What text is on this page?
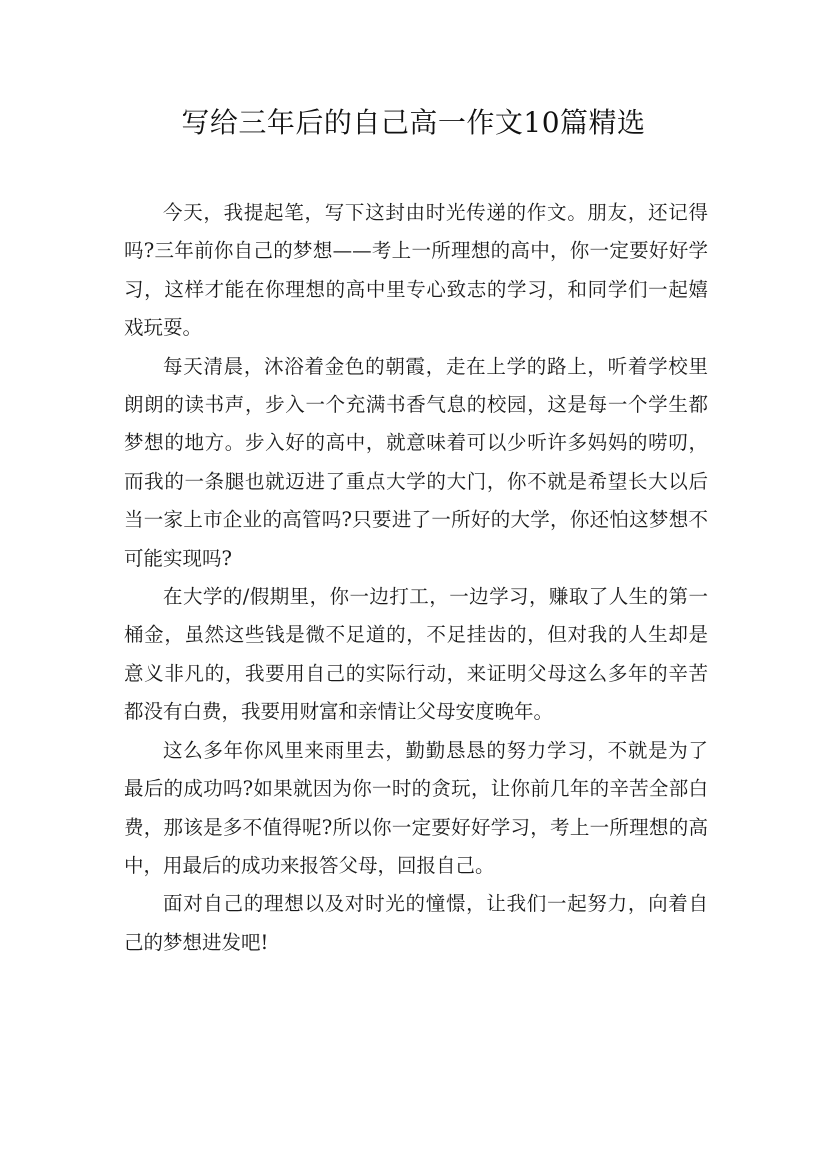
写给三年后的自己高一作文10篇精选

今天，我提起笔，写下这封由时光传递的作文。朋友，还记得吗?三年前你自己的梦想——考上一所理想的高中，你一定要好好学习，这样才能在你理想的高中里专心致志的学习，和同学们一起嬉戏玩耍。

每天清晨，沐浴着金色的朝霞，走在上学的路上，听着学校里朗朗的读书声，步入一个充满书香气息的校园，这是每一个学生都梦想的地方。步入好的高中，就意味着可以少听许多妈妈的唠叨，而我的一条腿也就迈进了重点大学的大门，你不就是希望长大以后当一家上市企业的高管吗?只要进了一所好的大学，你还怕这梦想不可能实现吗?

在大学的/假期里，你一边打工，一边学习，赚取了人生的第一桶金，虽然这些钱是微不足道的，不足挂齿的，但对我的人生却是意义非凡的，我要用自己的实际行动，来证明父母这么多年的辛苦都没有白费，我要用财富和亲情让父母安度晚年。

这么多年你风里来雨里去，勤勤恳恳的努力学习，不就是为了最后的成功吗?如果就因为你一时的贪玩，让你前几年的辛苦全部白费，那该是多不值得呢?所以你一定要好好学习，考上一所理想的高中，用最后的成功来报答父母，回报自己。

面对自己的理想以及对时光的憧憬，让我们一起努力，向着自己的梦想进发吧!
